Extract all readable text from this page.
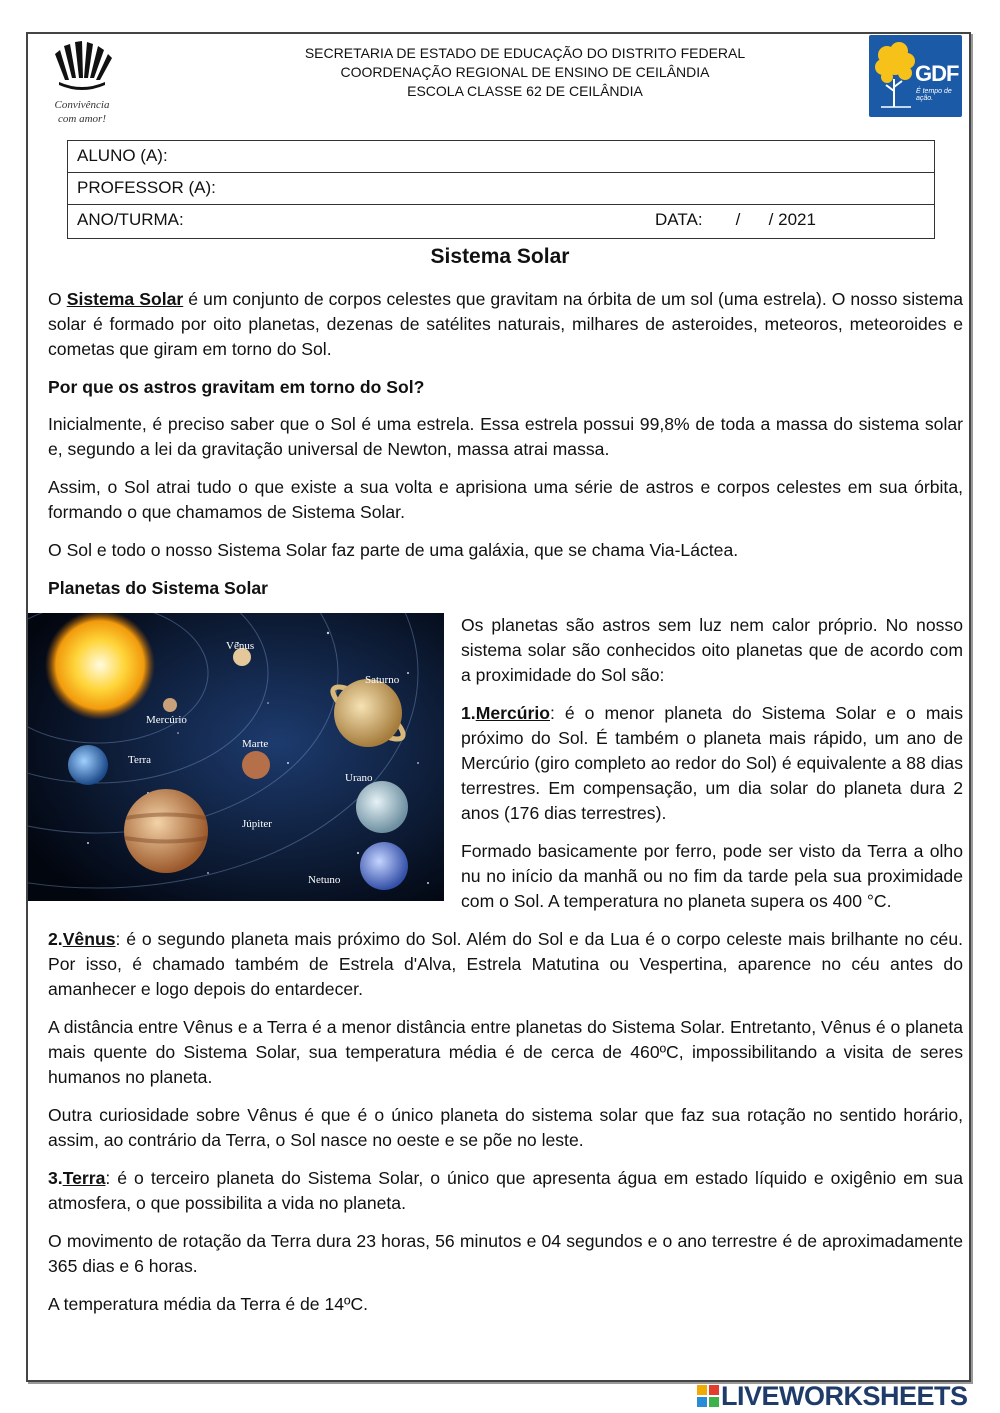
Convivência com amor!
SECRETARIA DE ESTADO DE EDUCAÇÃO DO DISTRITO FEDERAL
COORDENAÇÃO REGIONAL DE ENSINO DE CEILÂNDIA
ESCOLA CLASSE 62 DE CEILÂNDIA
GDF
É tempo de ação.
ALUNO (A):
PROFESSOR (A):
ANO/TURMA:	DATA:       /      / 2021
Sistema Solar

O Sistema Solar é um conjunto de corpos celestes que gravitam na órbita de um sol (uma estrela). O nosso sistema solar é formado por oito planetas, dezenas de satélites naturais, milhares de asteroides, meteoros, meteoroides e cometas que giram em torno do Sol.

Por que os astros gravitam em torno do Sol?

Inicialmente, é preciso saber que o Sol é uma estrela. Essa estrela possui 99,8% de toda a massa do sistema solar e, segundo a lei da gravitação universal de Newton, massa atrai massa.

Assim, o Sol atrai tudo o que existe a sua volta e aprisiona uma série de astros e corpos celestes em sua órbita, formando o que chamamos de Sistema Solar.

O Sol e todo o nosso Sistema Solar faz parte de uma galáxia, que se chama Via-Láctea.

Planetas do Sistema Solar
Vênus
Saturno
Mercúrio
Terra
Marte
Urano
Júpiter
Netuno

Os planetas são astros sem luz nem calor próprio. No nosso sistema solar são conhecidos oito planetas que de acordo com a proximidade do Sol são:

1.Mercúrio: é o menor planeta do Sistema Solar e o mais próximo do Sol. É também o planeta mais rápido, um ano de Mercúrio (giro completo ao redor do Sol) é equivalente a 88 dias terrestres. Em compensação, um dia solar do planeta dura 2 anos (176 dias terrestres).

Formado basicamente por ferro, pode ser visto da Terra a olho nu no início da manhã ou no fim da tarde pela sua proximidade com o Sol. A temperatura no planeta supera os 400 °C.

2.Vênus: é o segundo planeta mais próximo do Sol. Além do Sol e da Lua é o corpo celeste mais brilhante no céu. Por isso, é chamado também de Estrela d'Alva, Estrela Matutina ou Vespertina, aparence no céu antes do amanhecer e logo depois do entardecer.

A distância entre Vênus e a Terra é a menor distância entre planetas do Sistema Solar. Entretanto, Vênus é o planeta mais quente do Sistema Solar, sua temperatura média é de cerca de 460ºC, impossibilitando a visita de seres humanos no planeta.

Outra curiosidade sobre Vênus é que é o único planeta do sistema solar que faz sua rotação no sentido horário, assim, ao contrário da Terra, o Sol nasce no oeste e se põe no leste.

3.Terra: é o terceiro planeta do Sistema Solar, o único que apresenta água em estado líquido e oxigênio em sua atmosfera, o que possibilita a vida no planeta.

O movimento de rotação da Terra dura 23 horas, 56 minutos e 04 segundos e o ano terrestre é de aproximadamente 365 dias e 6 horas.

A temperatura média da Terra é de 14ºC.

LIVEWORKSHEETS
